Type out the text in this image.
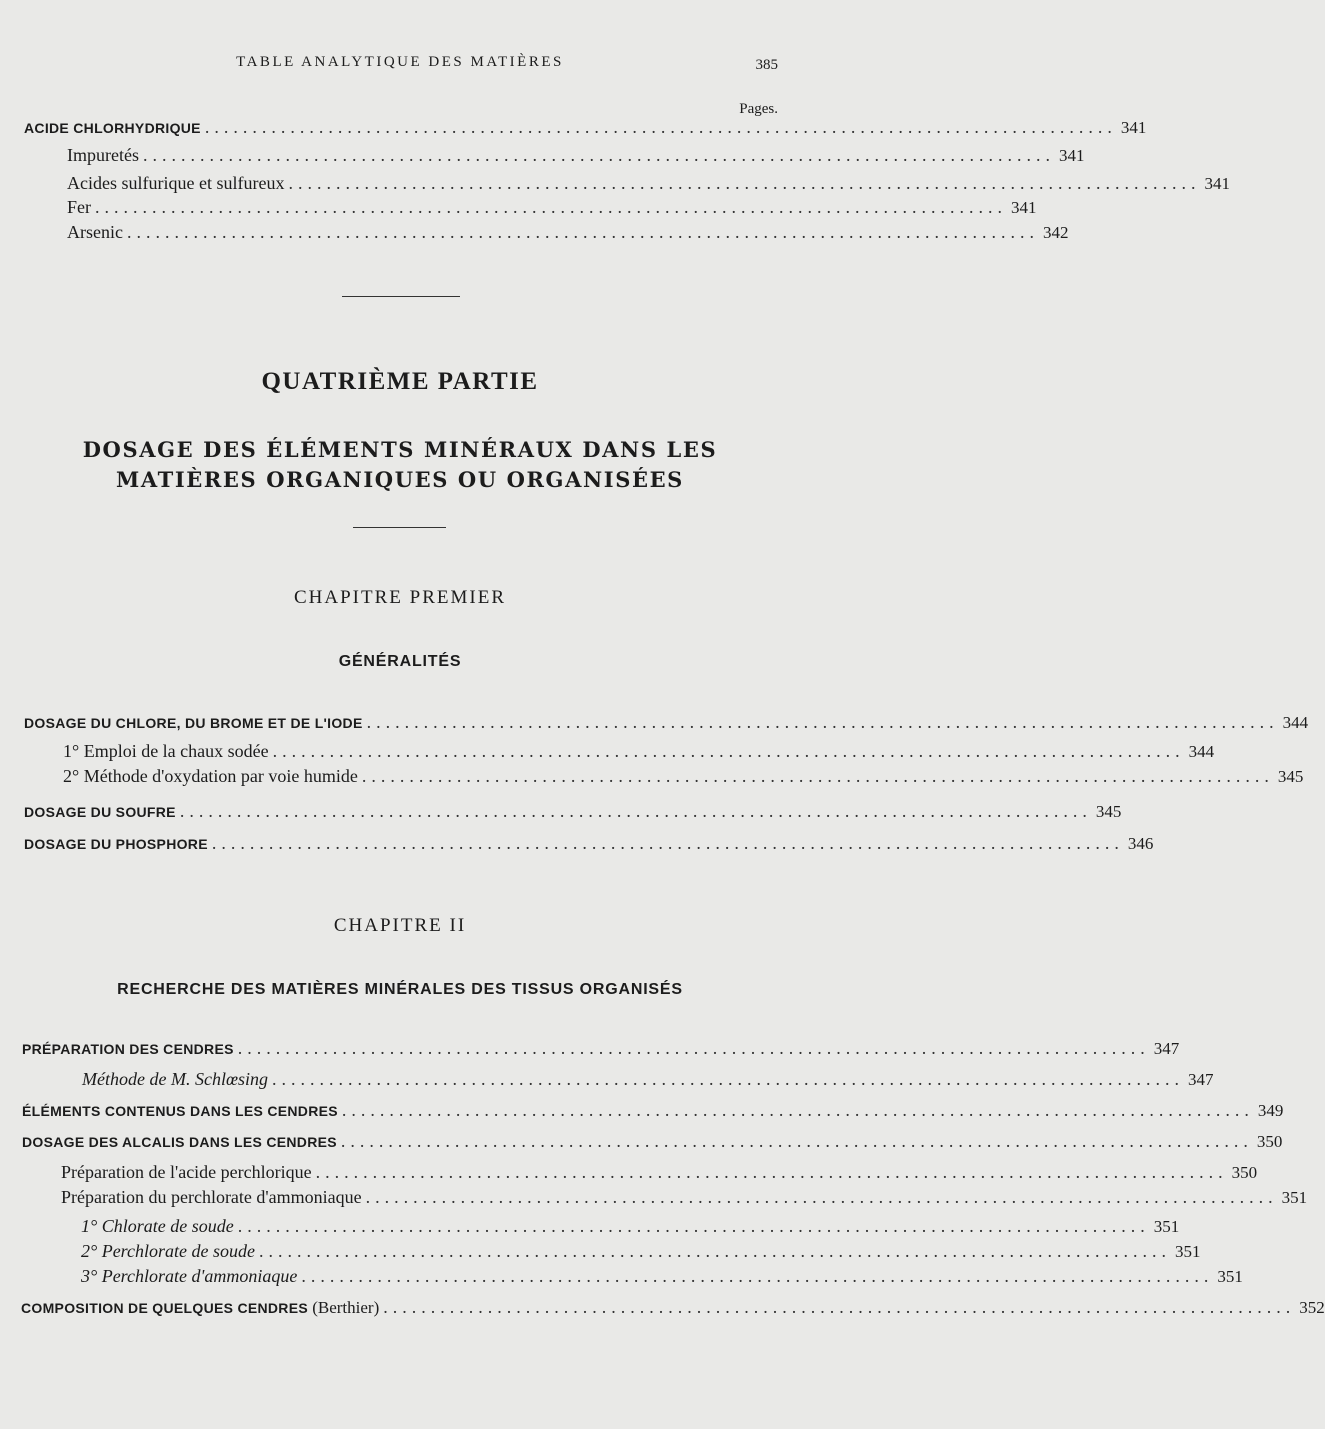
TABLE ANALYTIQUE DES MATIÈRES	385
Pages.
ACIDE CHLORHYDRIQUE ................................................................................................ 341
Impuretés ................................................................................................ 341
Acides sulfurique et sulfureux ................................................................................................ 341
Fer ................................................................................................ 341
Arsenic ................................................................................................ 342
QUATRIÈME PARTIE
DOSAGE DES ÉLÉMENTS MINÉRAUX DANS LES
MATIÈRES ORGANIQUES OU ORGANISÉES
CHAPITRE PREMIER
GÉNÉRALITÉS
DOSAGE DU CHLORE, DU BROME ET DE L'IODE ................................................................................................ 344
1° Emploi de la chaux sodée ................................................................................................ 344
2° Méthode d'oxydation par voie humide ................................................................................................ 345
DOSAGE DU SOUFRE ................................................................................................ 345
DOSAGE DU PHOSPHORE ................................................................................................ 346
CHAPITRE II
RECHERCHE DES MATIÈRES MINÉRALES DES TISSUS ORGANISÉS
PRÉPARATION DES CENDRES ................................................................................................ 347
Méthode de M. Schlœsing ................................................................................................ 347
ÉLÉMENTS CONTENUS DANS LES CENDRES ................................................................................................ 349
DOSAGE DES ALCALIS DANS LES CENDRES ................................................................................................ 350
Préparation de l'acide perchlorique ................................................................................................ 350
Préparation du perchlorate d'ammoniaque ................................................................................................ 351
1° Chlorate de soude ................................................................................................ 351
2° Perchlorate de soude ................................................................................................ 351
3° Perchlorate d'ammoniaque ................................................................................................ 351
COMPOSITION DE QUELQUES CENDRES (Berthier) ................................................................................................ 352
